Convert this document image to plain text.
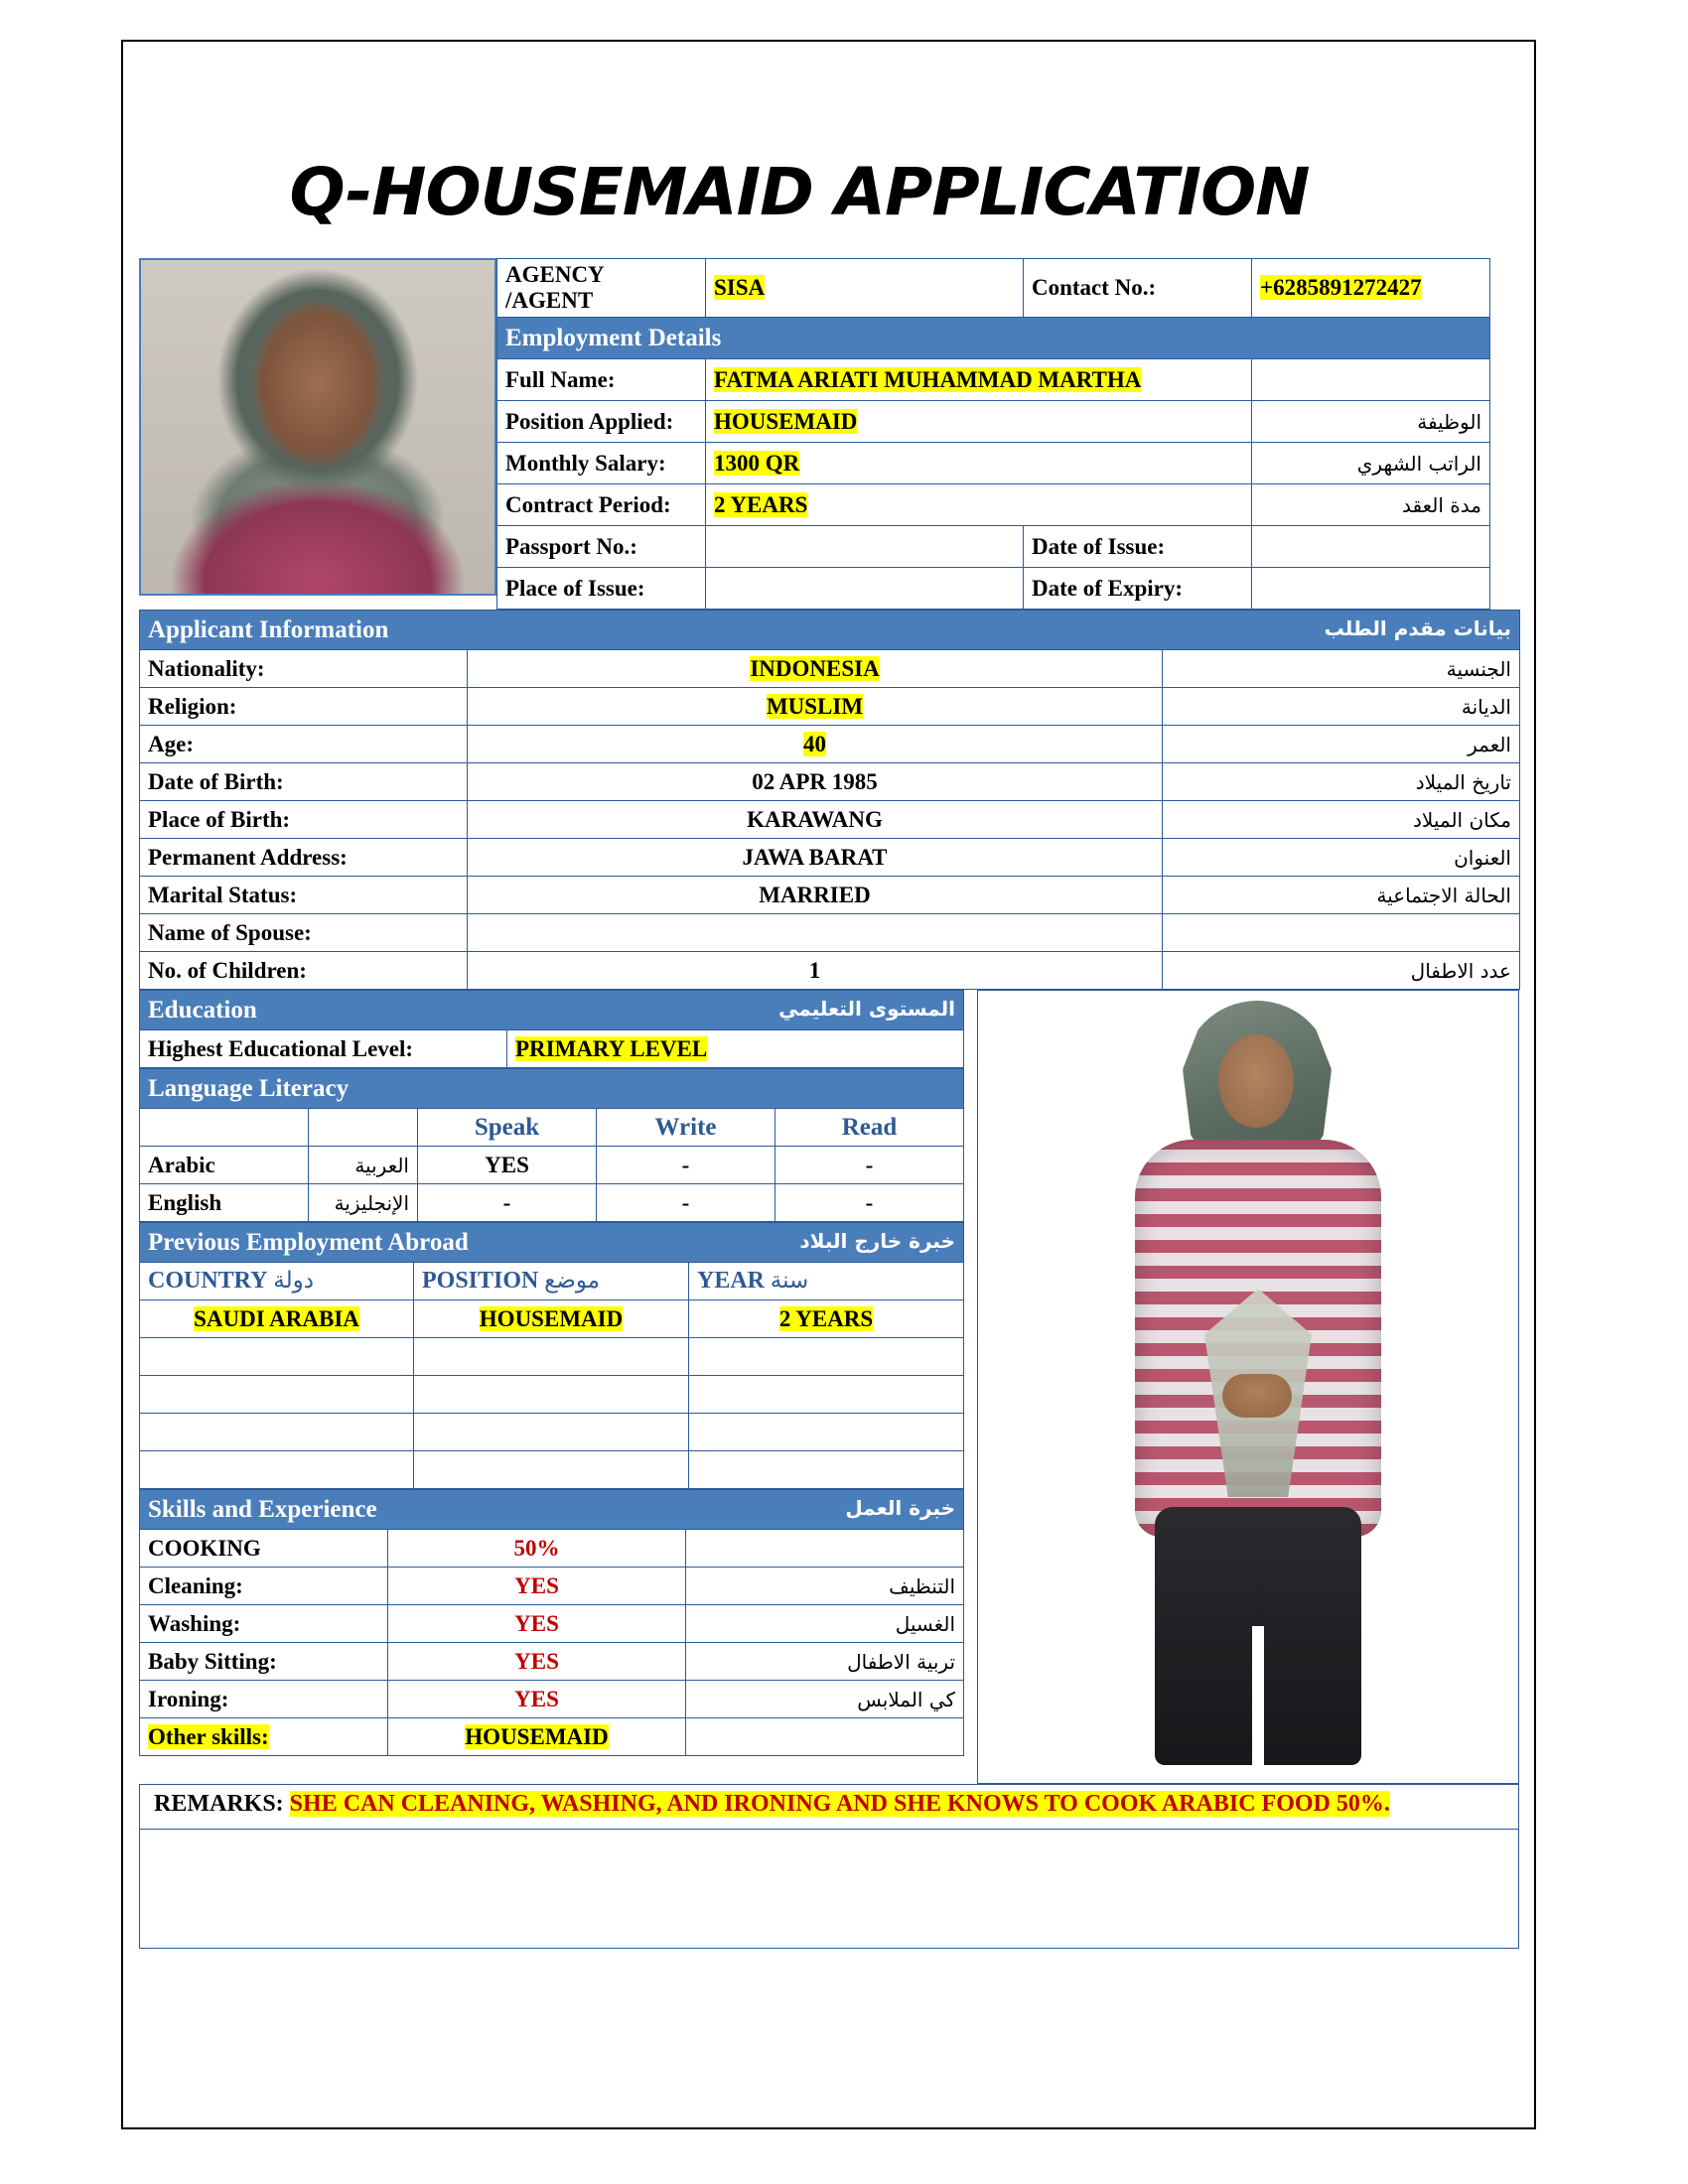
Q-HOUSEMAID APPLICATION
AGENCY
/AGENT	SISA	Contact No.:	+6285891272427
Employment Details			
Full Name:	FATMA ARIATI MUHAMMAD MARTHA		
Position Applied:	HOUSEMAID		الوظيفة
Monthly Salary:	1300 QR		الراتب الشهري
Contract Period:	2 YEARS		مدة العقد
Passport No.:		Date of Issue:	
Place of Issue:		Date of Expiry:	
Applicant Information بيانات مقدم الطلب		

Nationality:	INDONESIA	الجنسية
Religion:	MUSLIM	الديانة
Age:	40	العمر
Date of Birth:	02 APR 1985	تاريخ الميلاد
Place of Birth:	KARAWANG	مكان الميلاد
Permanent Address:	JAWA BARAT	العنوان
Marital Status:	MARRIED	الحالة الاجتماعية
Name of Spouse:		
No. of Children:	1	عدد الاطفال
Education	المستوى التعليمي

Highest Educational Level:	PRIMARY LEVEL
Language Literacy				
		Speak	Write	Read
Arabic	العربية	YES	-	-
English	الإنجليزية	-	-	-
Previous Employment Abroad خبرة خارج البلاد		

COUNTRY دولة	POSITION موضع	YEAR سنة
SAUDI ARABIA	HOUSEMAID	2 YEARS

Skills and Experience خبرة العمل		

COOKING	50%	
Cleaning:	YES	التنظيف
Washing:	YES	الغسيل
Baby Sitting:	YES	تربية الاطفال
Ironing:	YES	كي الملابس
Other skills:	HOUSEMAID	
REMARKS: SHE CAN CLEANING, WASHING, AND IRONING AND SHE KNOWS TO COOK ARABIC FOOD 50%.
